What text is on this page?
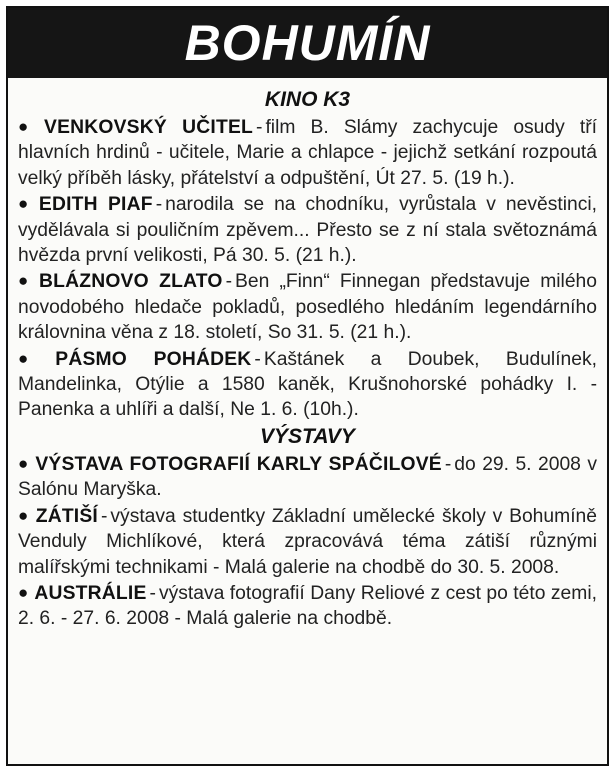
BOHUMÍN
KINO K3

● VENKOVSKÝ UČITEL - film B. Slámy zachycuje osudy tří hlavních hrdinů - učitele, Marie a chlapce - jejichž setkání rozpoutá velký příběh lásky, přátelství a odpuštění, Út 27. 5. (19 h.).

● EDITH PIAF - narodila se na chodníku, vyrůstala v nevěstinci, vydělávala si pouličním zpěvem... Přesto se z ní stala světoznámá hvězda první velikosti, Pá 30. 5. (21 h.).

● BLÁZNOVO ZLATO - Ben „Finn“ Finnegan představuje milého novodobého hledače pokladů, posedlého hledáním legendárního královnina věna z 18. století, So 31. 5. (21 h.).

● PÁSMO POHÁDEK - Kaštánek a Doubek, Budulínek, Mandelinka, Otýlie a 1580 kaněk, Krušnohorské pohádky I. - Panenka a uhlíři a další, Ne 1. 6. (10h.).

VÝSTAVY

● VÝSTAVA FOTOGRAFIÍ KARLY SPÁČILOVÉ - do 29. 5. 2008 v Salónu Maryška.

● ZÁTIŠÍ - výstava studentky Základní umělecké školy v Bohumíně Venduly Michlíkové, která zpracovává téma zátiší různými malířskými technikami - Malá galerie na chodbě do 30. 5. 2008.

● AUSTRÁLIE - výstava fotografií Dany Reliové z cest po této zemi, 2. 6. - 27. 6. 2008 - Malá galerie na chodbě.
